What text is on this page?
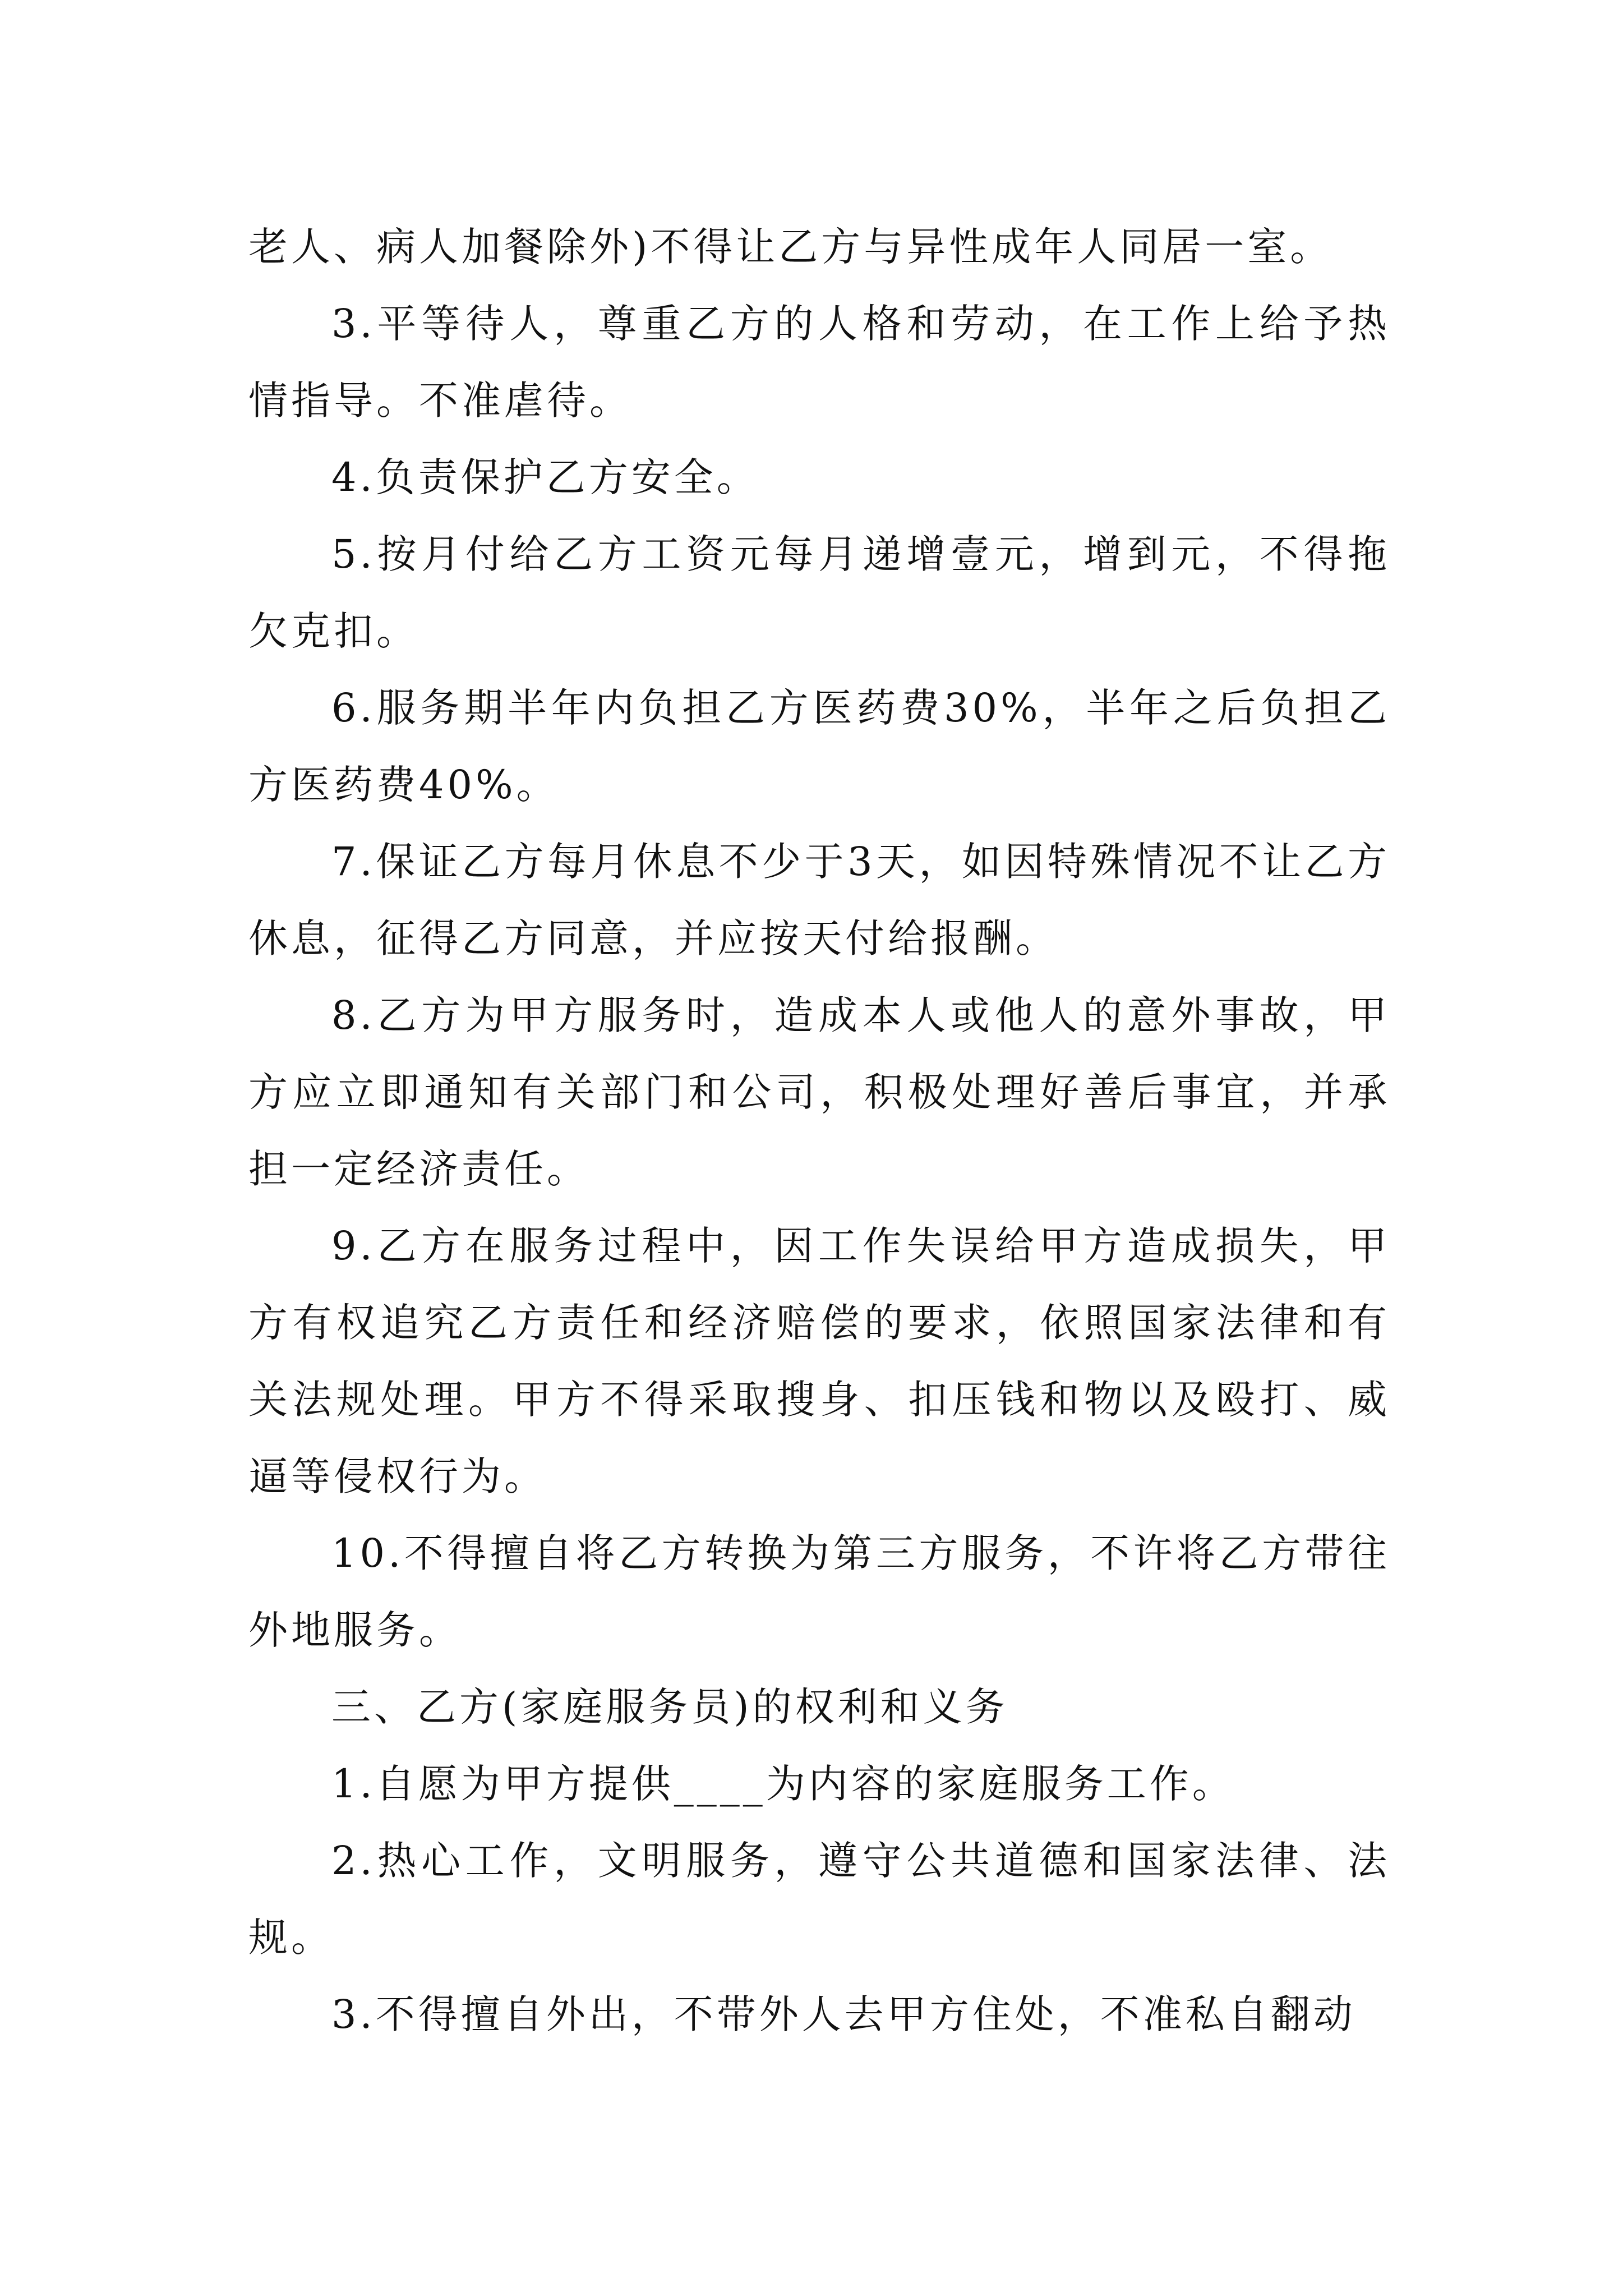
老人、病人加餐除外)不得让乙方与异性成年人同居一室。

3.平等待人，尊重乙方的人格和劳动，在工作上给予热情指导。不准虐待。

4.负责保护乙方安全。

5.按月付给乙方工资元每月递增壹元，增到元，不得拖欠克扣。

6.服务期半年内负担乙方医药费30%，半年之后负担乙方医药费40%。

7.保证乙方每月休息不少于3天，如因特殊情况不让乙方休息，征得乙方同意，并应按天付给报酬。

8.乙方为甲方服务时，造成本人或他人的意外事故，甲方应立即通知有关部门和公司，积极处理好善后事宜，并承担一定经济责任。

9.乙方在服务过程中，因工作失误给甲方造成损失，甲方有权追究乙方责任和经济赔偿的要求，依照国家法律和有关法规处理。甲方不得采取搜身、扣压钱和物以及殴打、威逼等侵权行为。

10.不得擅自将乙方转换为第三方服务，不许将乙方带往外地服务。

三、乙方(家庭服务员)的权利和义务

1.自愿为甲方提供____为内容的家庭服务工作。

2.热心工作，文明服务，遵守公共道德和国家法律、法规。

3.不得擅自外出，不带外人去甲方住处，不准私自翻动
